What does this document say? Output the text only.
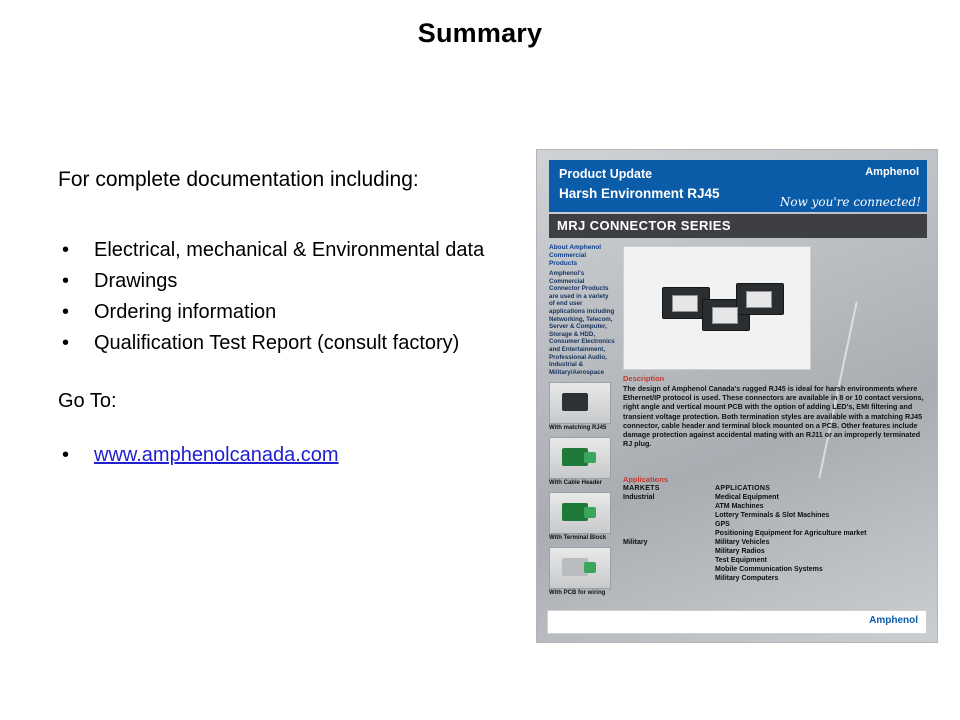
Summary
For complete documentation including:
• Electrical, mechanical & Environmental data
• Drawings
• Ordering information
• Qualification Test Report (consult factory)
Go To:
• www.amphenolcanada.com
Product Update
Harsh Environment RJ45
Amphenol
Now you're connected!
MRJ CONNECTOR SERIES
About Amphenol Commercial Products
Amphenol's Commercial Connector Products are used in a variety of end user applications including Networking, Telecom, Server & Computer, Storage & HDD, Consumer Electronics and Entertainment, Professional Audio, Industrial & Military/Aerospace
With matching RJ45
With Cable Header
With Terminal Block
With PCB for wiring
Description
The design of Amphenol Canada's rugged RJ45 is ideal for harsh environments where Ethernet/IP protocol is used. These connectors are available in 8 or 10 contact versions, right angle and vertical mount PCB with the option of adding LED's, EMI filtering and transient voltage protection. Both termination styles are available with a matching RJ45 connector, cable header and terminal block mounted on a PCB. Other features include damage protection against accidental mating with an RJ11 or an improperly terminated RJ plug.
Applications
MARKETS	APPLICATIONS
Industrial	Medical Equipment
ATM Machines
Lottery Terminals & Slot Machines
GPS
Positioning Equipment for Agriculture market
Military	Military Vehicles
Military Radios
Test Equipment
Mobile Communication Systems
Military Computers
Amphenol
